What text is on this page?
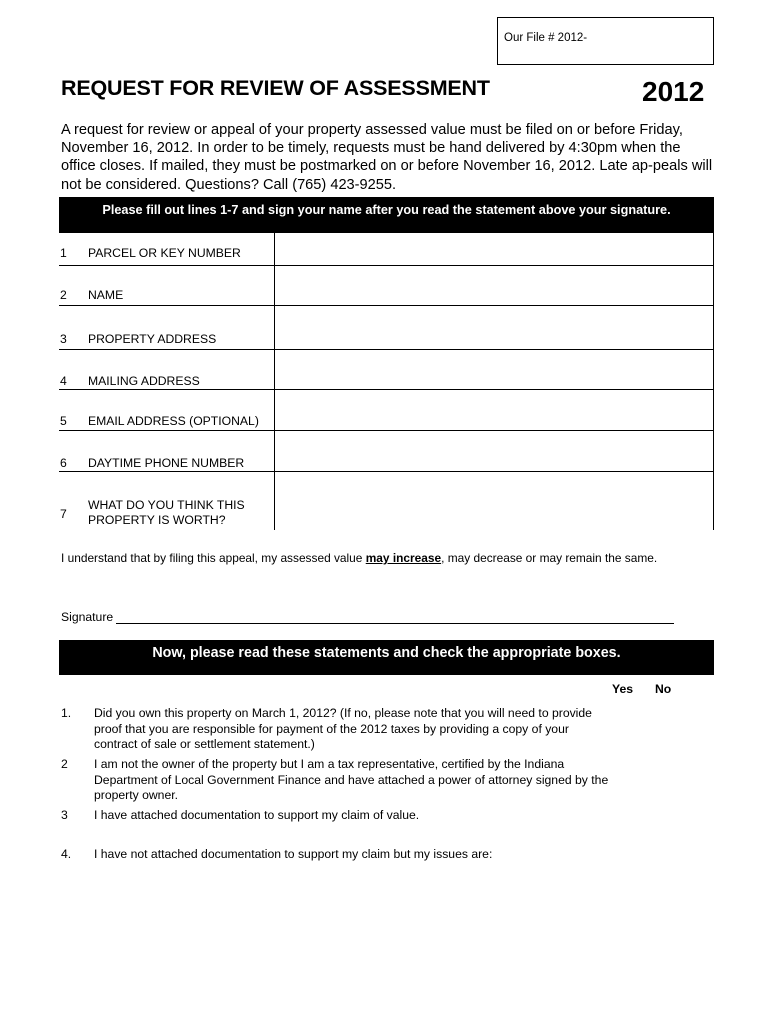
Our File # 2012-
REQUEST FOR REVIEW OF ASSESSMENT	2012
A request for review or appeal of your property assessed value must be filed on or before Friday, November 16, 2012. In order to be timely, requests must be hand delivered by 4:30pm when the office closes. If mailed, they must be postmarked on or before November 16, 2012. Late ap-peals will not be considered. Questions? Call (765) 423-9255.
Please fill out lines 1-7 and sign your name after you read the statement above your signature.
1 PARCEL OR KEY NUMBER
2 NAME
3 PROPERTY ADDRESS
4 MAILING ADDRESS
5 EMAIL ADDRESS (OPTIONAL)
6 DAYTIME PHONE NUMBER
7
WHAT DO YOU THINK THIS PROPERTY IS WORTH?
I understand that by filing this appeal, my assessed value may increase, may decrease or may remain the same.
Signature
Now, please read these statements and check the appropriate boxes.
Yes No
1. Did you own this property on March 1, 2012? (If no, please note that you will need to provide proof that you are responsible for payment of the 2012 taxes by providing a copy of your contract of sale or settlement statement.)
2 I am not the owner of the property but I am a tax representative, certified by the Indiana Department of Local Government Finance and have attached a power of attorney signed by the property owner.
3 I have attached documentation to support my claim of value.
4. I have not attached documentation to support my claim but my issues are:
